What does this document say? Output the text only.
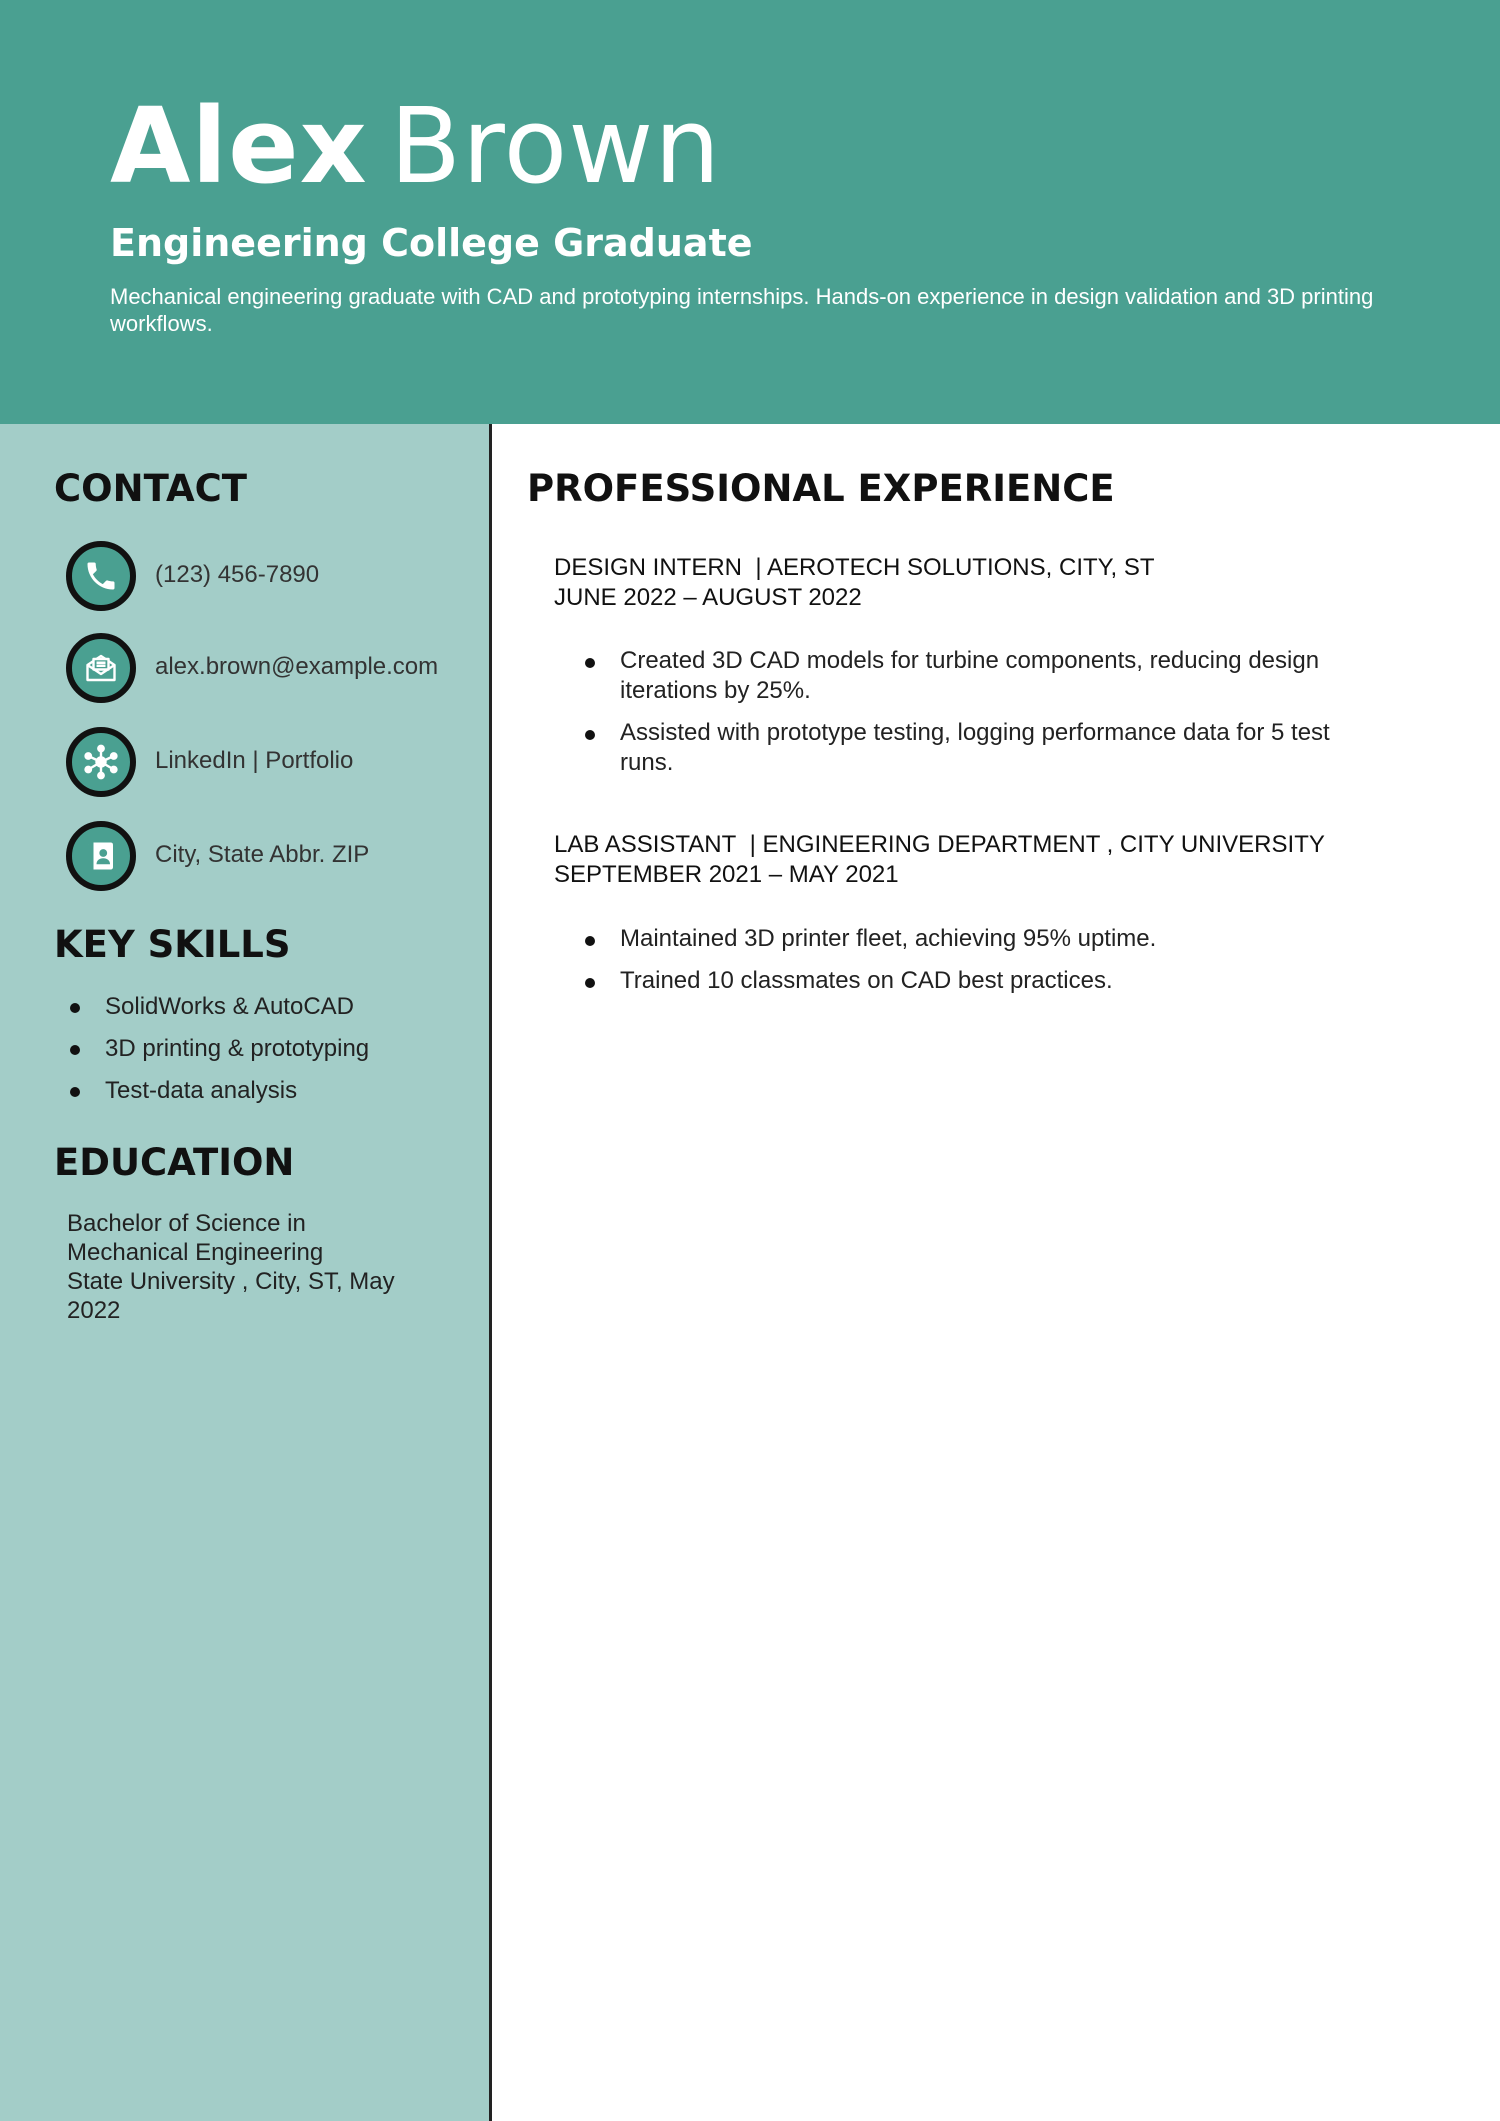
Alex Brown
Engineering College Graduate
Mechanical engineering graduate with CAD and prototyping internships. Hands-on experience in design validation and 3D printing workflows.
CONTACT
(123) 456-7890
alex.brown@example.com
LinkedIn | Portfolio
City, State Abbr. ZIP
KEY SKILLS
SolidWorks & AutoCAD
3D printing & prototyping
Test-data analysis
EDUCATION
Bachelor of Science in
Mechanical Engineering
State University , City, ST, May
2022
PROFESSIONAL EXPERIENCE
DESIGN INTERN  | AEROTECH SOLUTIONS, CITY, ST
JUNE 2022 – AUGUST 2022
Created 3D CAD models for turbine components, reducing design iterations by 25%.
Assisted with prototype testing, logging performance data for 5 test runs.
LAB ASSISTANT  | ENGINEERING DEPARTMENT , CITY UNIVERSITY
SEPTEMBER 2021 – MAY 2021
Maintained 3D printer fleet, achieving 95% uptime.
Trained 10 classmates on CAD best practices.
